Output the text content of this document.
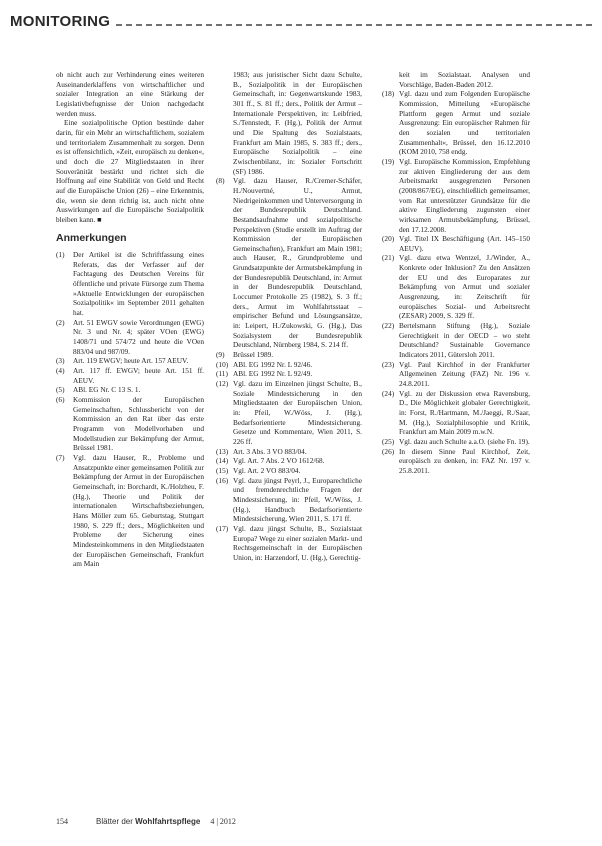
MONITORING

ob nicht auch zur Verhinderung eines weiteren Auseinanderklaffens von wirtschaftlicher und sozialer Integration an eine Stärkung der Legislativbefugnisse der Union nachgedacht werden muss.

Eine sozialpolitische Option bestünde daher darin, für ein Mehr an wirtschaftlichem, sozialem und territorialem Zusammenhalt zu sorgen. Denn es ist offensichtlich, »Zeit, europäisch zu denken«, und doch die 27 Mitgliedstaaten in ihrer Souveränität bestärkt und richtet sich die Hoffnung auf eine Stabilität von Geld und Recht auf die Europäische Union (26) – eine Erkenntnis, die, wenn sie denn richtig ist, auch nicht ohne Auswirkungen auf die Europäische Sozialpolitik bleiben kann. ■

Anmerkungen
(1)	Der Artikel ist die Schriftfassung eines Referats, das der Verfasser auf der Fachtagung des Deutschen Vereins für öffentliche und private Fürsorge zum Thema »Aktuelle Entwicklungen der europäischen Sozialpolitik« im September 2011 gehalten hat.
(2)	Art. 51 EWGV sowie Verordnungen (EWG) Nr. 3 und Nr. 4; später VOen (EWG) 1408/71 und 574/72 und heute die VOen 883/04 und 987/09.
(3)	Art. 119 EWGV; heute Art. 157 AEUV.
(4)	Art. 117 ff. EWGV; heute Art. 151 ff. AEUV.
(5)	ABl. EG Nr. C 13 S. 1.
(6)	Kommission der Europäischen Gemeinschaften, Schlussbericht von der Kommission an den Rat über das erste Programm von Modellvorhaben und Modellstudien zur Bekämpfung der Armut, Brüssel 1981.
(7)	Vgl. dazu Hauser, R., Probleme und Ansatzpunkte einer gemeinsamen Politik zur Bekämpfung der Armut in der Europäischen Gemeinschaft, in: Borchardt, K./Holzheu, F. (Hg.), Theorie und Politik der internationalen Wirtschaftsbeziehungen, Hans Möller zum 65. Geburtstag, Stuttgart 1980, S. 229 ff.; ders., Möglichkeiten und Probleme der Sicherung eines Mindesteinkommens in den Mitgliedstaaten der Europäischen Gemeinschaft, Frankfurt am Main
1983; aus juristischer Sicht dazu Schulte, B., Sozialpolitik in der Europäischen Gemeinschaft, in: Gegenwartskunde 1983, 301 ff., S. 81 ff.; ders., Politik der Armut – Internationale Perspektiven, in: Leibfried, S./Tennstedt, F. (Hg.), Politik der Armut und Die Spaltung des Sozialstaats, Frankfurt am Main 1985, S. 383 ff.; ders., Europäische Sozialpolitik – eine Zwischenbilanz, in: Sozialer Fortschritt (SF) 1986.
(8)	Vgl. dazu Hauser, R./Cremer-Schäfer, H./Nouvertné, U., Armut, Niedrigeinkommen und Unterversorgung in der Bundesrepublik Deutschland. Bestandsaufnahme und sozialpolitische Perspektiven (Studie erstellt im Auftrag der Kommission der Europäischen Gemeinschaften), Frankfurt am Main 1981; auch Hauser, R., Grundprobleme und Grundsatzpunkte der Armutsbekämpfung in der Bundesrepublik Deutschland, in: Armut in der Bundesrepublik Deutschland, Loccumer Protokolle 25 (1982), S. 3 ff.; ders., Armut im Wohlfahrtsstaat – empirischer Befund und Lösungsansätze, in: Leipert, H./Zukowski, G. (Hg.), Das Sozialsystem der Bundesrepublik Deutschland, Nürnberg 1984, S. 214 ff.
(9)	Brüssel 1989.
(10) ABl. EG 1992 Nr. L 92/46.
(11) ABl. EG 1992 Nr. L 92/49.
(12) Vgl. dazu im Einzelnen jüngst Schulte, B., Soziale Mindestsicherung in den Mitgliedstaaten der Europäischen Union, in: Pfeil, W./Wöss, J. (Hg.), Bedarfsorientierte Mindestsicherung. Gesetze und Kommentare, Wien 2011, S. 226 ff.
(13) Art. 3 Abs. 3 VO 883/04.
(14) Vgl. Art. 7 Abs. 2 VO 1612/68.
(15) Vgl. Art. 2 VO 883/04.
(16) Vgl. dazu jüngst Peyrl, J., Europarechtliche und fremdenrechtliche Fragen der Mindestsicherung, in: Pfeil, W./Wöss, J. (Hg.), Handbuch Bedarfsorientierte Mindestsicherung, Wien 2011, S. 171 ff.
(17) Vgl. dazu jüngst Schulte, B., Sozialstaat Europa? Wege zu einer sozialen Markt- und Rechtsgemeinschaft in der Europäischen Union, in: Harzendorf, U. (Hg.), Gerechtig-
keit im Sozialstaat. Analysen und Vorschläge, Baden-Baden 2012.
(18) Vgl. dazu und zum Folgenden Europäische Kommission, Mitteilung »Europäische Plattform gegen Armut und soziale Ausgrenzung: Ein europäischer Rahmen für den sozialen und territorialen Zusammenhalt«, Brüssel, den 16.12.2010 (KOM 2010, 758 endg.
(19) Vgl. Europäische Kommission, Empfehlung zur aktiven Eingliederung der aus dem Arbeitsmarkt ausgegrenzten Personen (2008/867/EG), einschließlich gemeinsamer, vom Rat unterstützter Grundsätze für die aktive Eingliederung zugunsten einer wirksamen Armutsbekämpfung, Brüssel, den 17.12.2008.
(20) Vgl. Titel IX Beschäftigung (Art. 145–150 AEUV).
(21) Vgl. dazu etwa Wentzel, J./Winder, A., Konkrete oder Inklusion? Zu den Ansätzen der EU und des Europarates zur Bekämpfung von Armut und sozialer Ausgrenzung, in: Zeitschrift für europäisches Sozial- und Arbeitsrecht (ZESAR) 2009, S. 329 ff.
(22) Bertelsmann Stiftung (Hg.), Soziale Gerechtigkeit in der OECD – wo steht Deutschland? Sustainable Governance Indicators 2011, Gütersloh 2011.
(23) Vgl. Paul Kirchhof in der Frankfurter Allgemeinen Zeitung (FAZ) Nr. 196 v. 24.8.2011.
(24) Vgl. zu der Diskussion etwa Ravensburg, D., Die Möglichkeit globaler Gerechtigkeit, in: Forst, R./Hartmann, M./Jaeggi, R./Saar, M. (Hg.), Sozialphilosophie und Kritik, Frankfurt am Main 2009 m.w.N.
(25) Vgl. dazu auch Schulte a.a.O. (siehe Fn. 19).
(26) In diesem Sinne Paul Kirchhof, Zeit, europäisch zu denken, in: FAZ Nr. 197 v. 25.8.2011.
154	Blätter der Wohlfahrtspflege 4 | 2012
